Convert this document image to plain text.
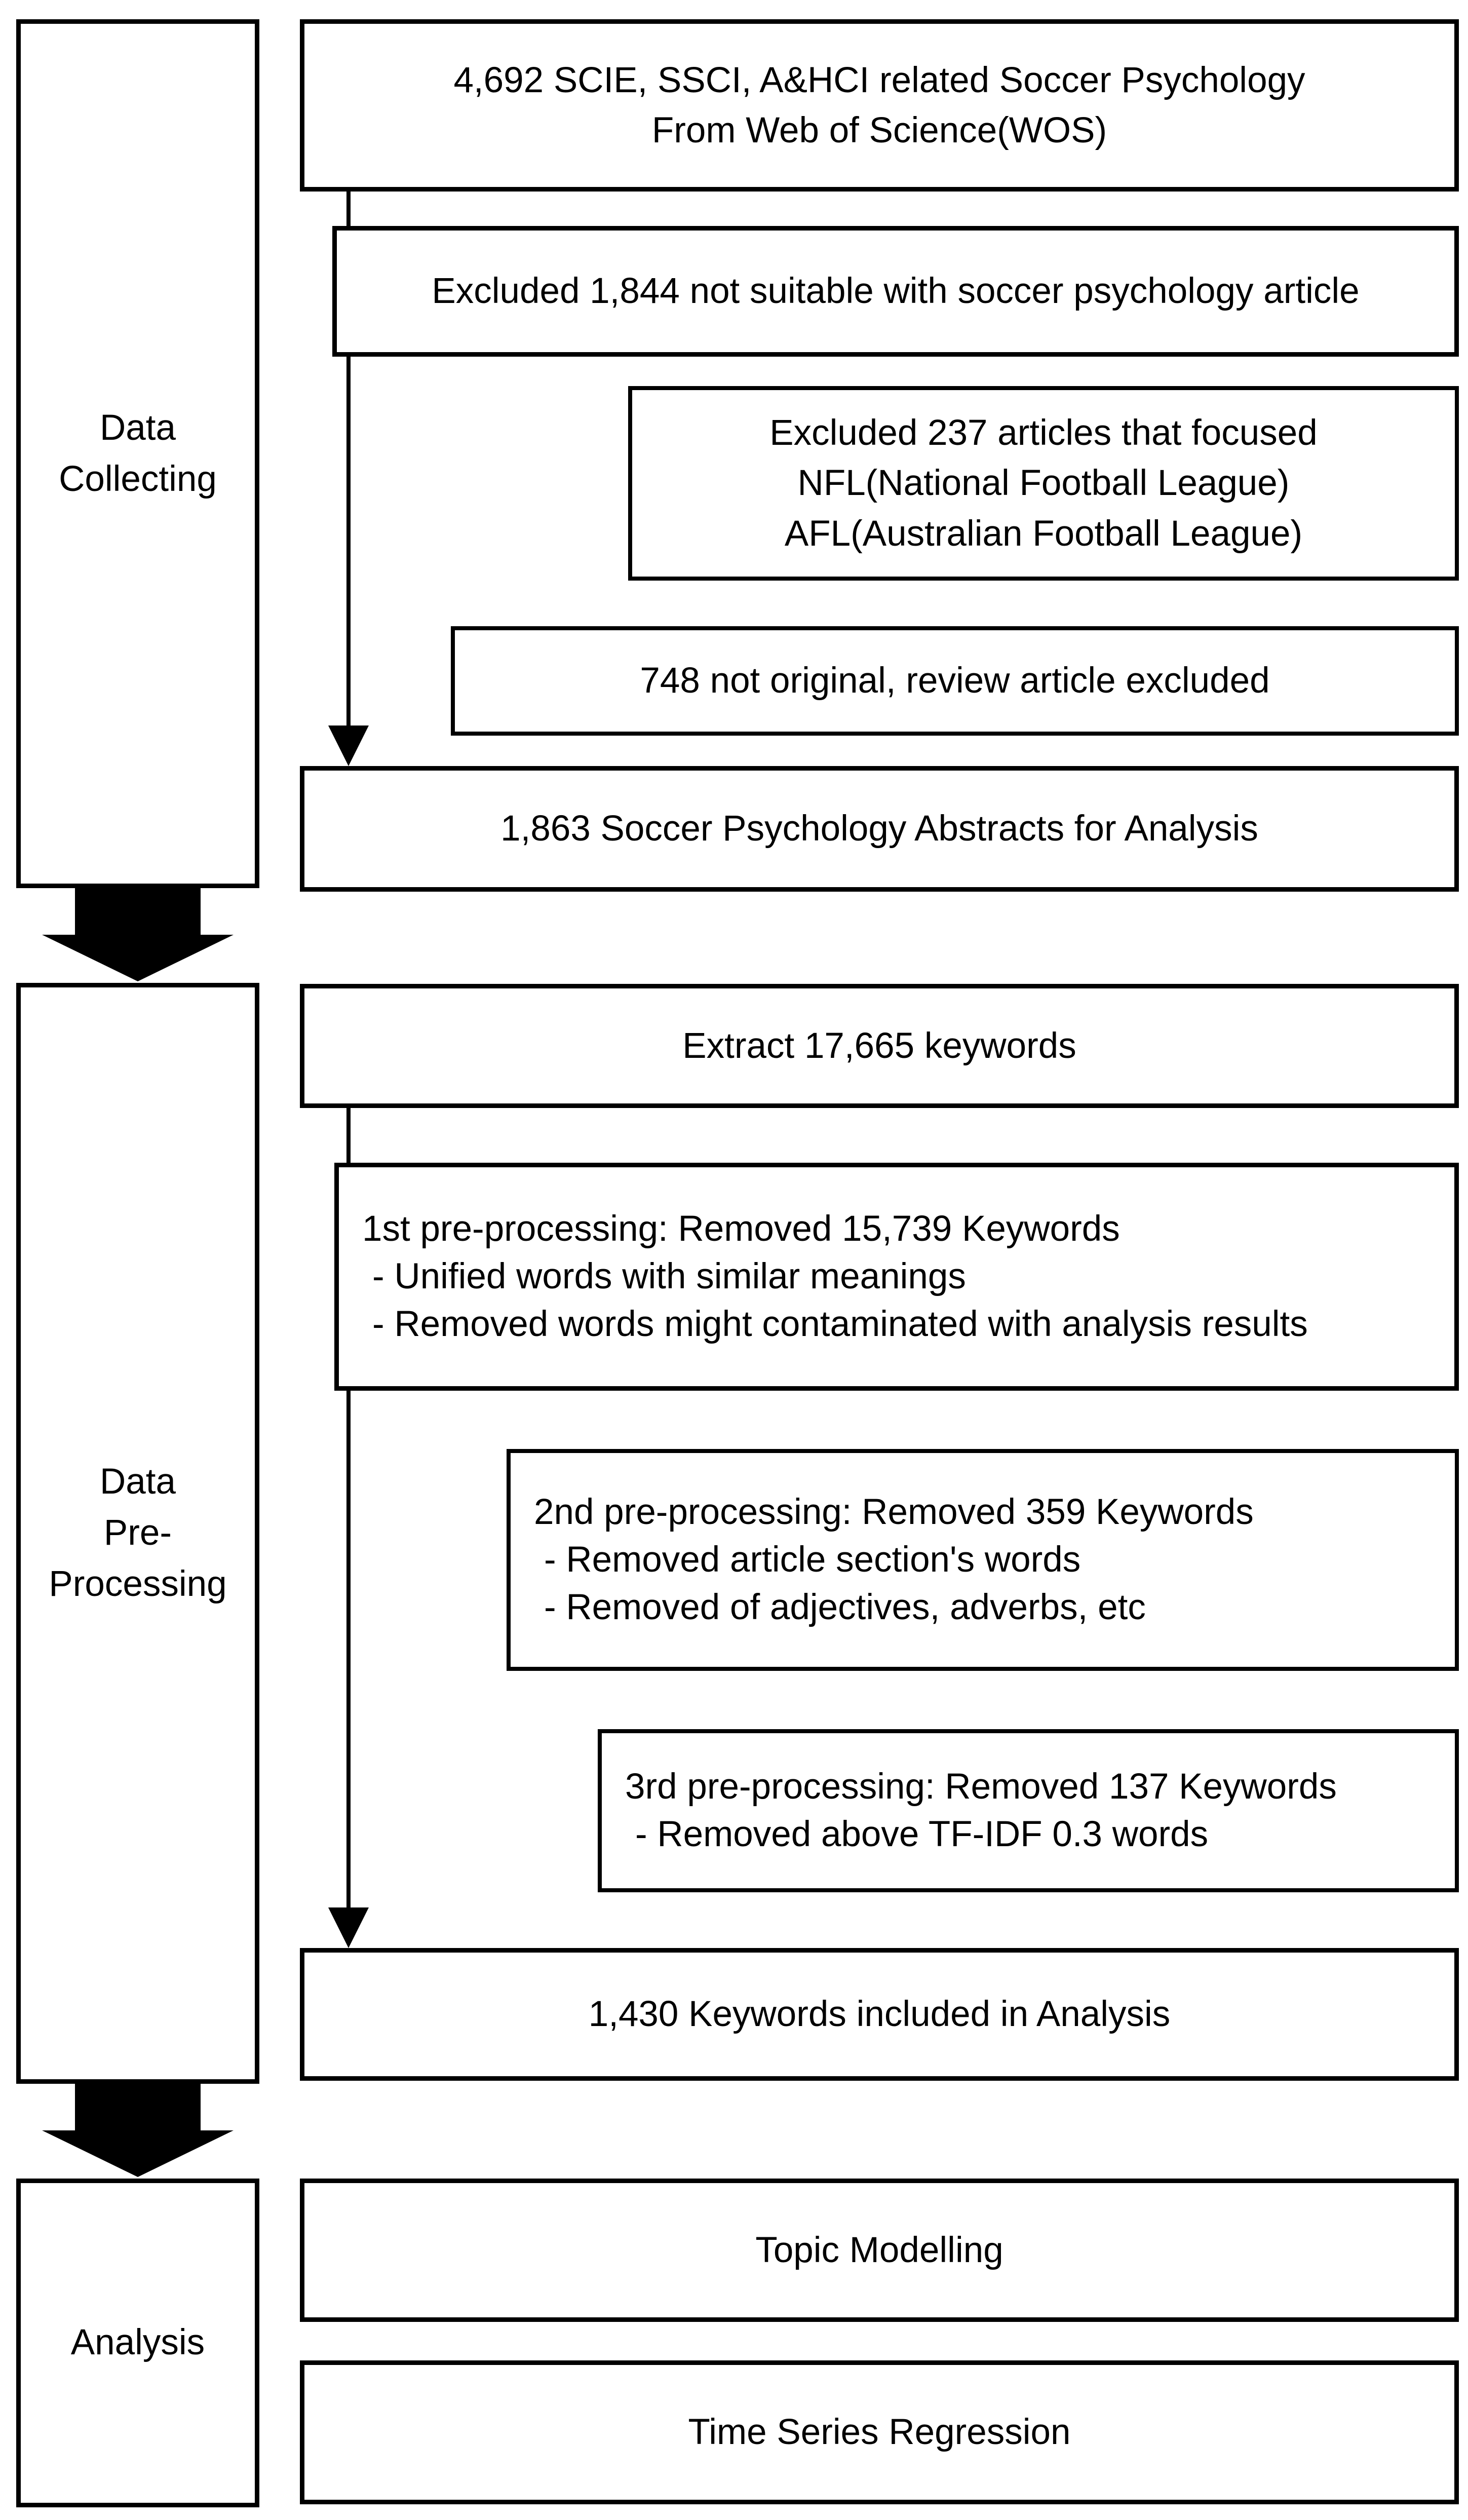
Data
Collecting
Data
Pre-
Processing
Analysis
4,692 SCIE, SSCI, A&HCI related Soccer Psychology
From Web of Science(WOS)
Excluded 1,844 not suitable with soccer psychology article
Excluded 237 articles that focused
NFL(National Football League)
AFL(Australian Football League)
748 not original, review article excluded
1,863 Soccer Psychology Abstracts for Analysis
Extract 17,665 keywords
1st pre-processing: Removed 15,739 Keywords
- Unified words with similar meanings
- Removed words might contaminated with analysis results
2nd pre-processing: Removed 359 Keywords
- Removed article section's words
- Removed of adjectives, adverbs, etc
3rd pre-processing: Removed 137 Keywords
- Removed above TF-IDF 0.3 words
1,430 Keywords included in Analysis
Topic Modelling
Time Series Regression
